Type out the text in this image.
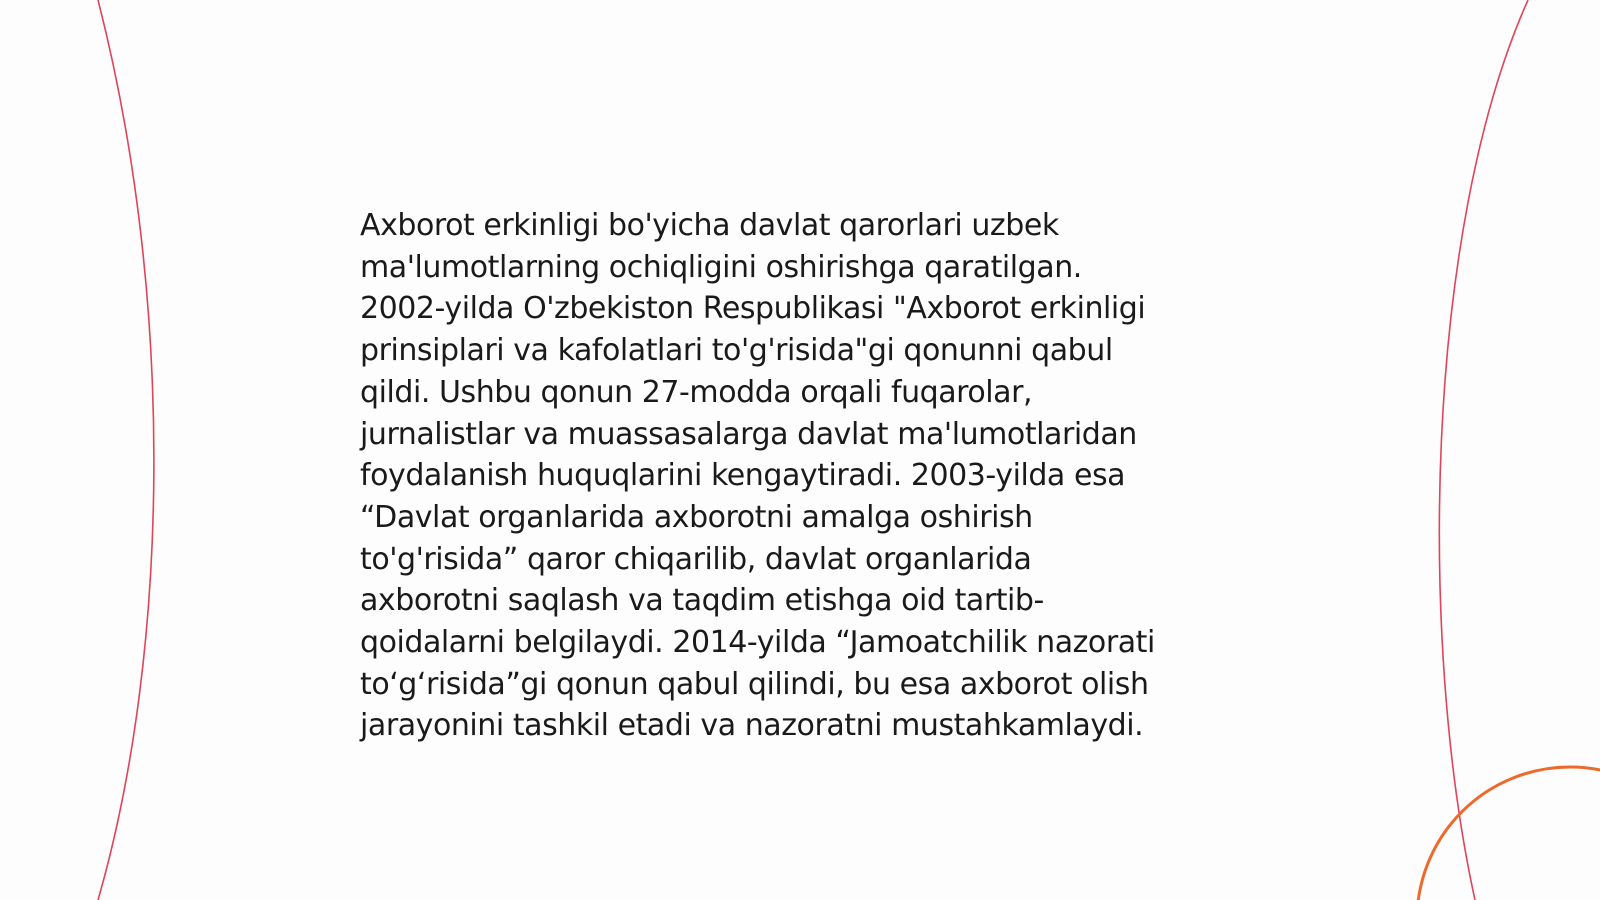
Axborot erkinligi bo'yicha davlat qarorlari uzbek
ma'lumotlarning ochiqligini oshirishga qaratilgan.
2002-yilda O'zbekiston Respublikasi "Axborot erkinligi
prinsiplari va kafolatlari to'g'risida"gi qonunni qabul
qildi. Ushbu qonun 27-modda orqali fuqarolar,
jurnalistlar va muassasalarga davlat ma'lumotlaridan
foydalanish huquqlarini kengaytiradi. 2003-yilda esa
“Davlat organlarida axborotni amalga oshirish
to'g'risida” qaror chiqarilib, davlat organlarida
axborotni saqlash va taqdim etishga oid tartib-
qoidalarni belgilaydi. 2014-yilda “Jamoatchilik nazorati
to‘g‘risida”gi qonun qabul qilindi, bu esa axborot olish
jarayonini tashkil etadi va nazoratni mustahkamlaydi.
